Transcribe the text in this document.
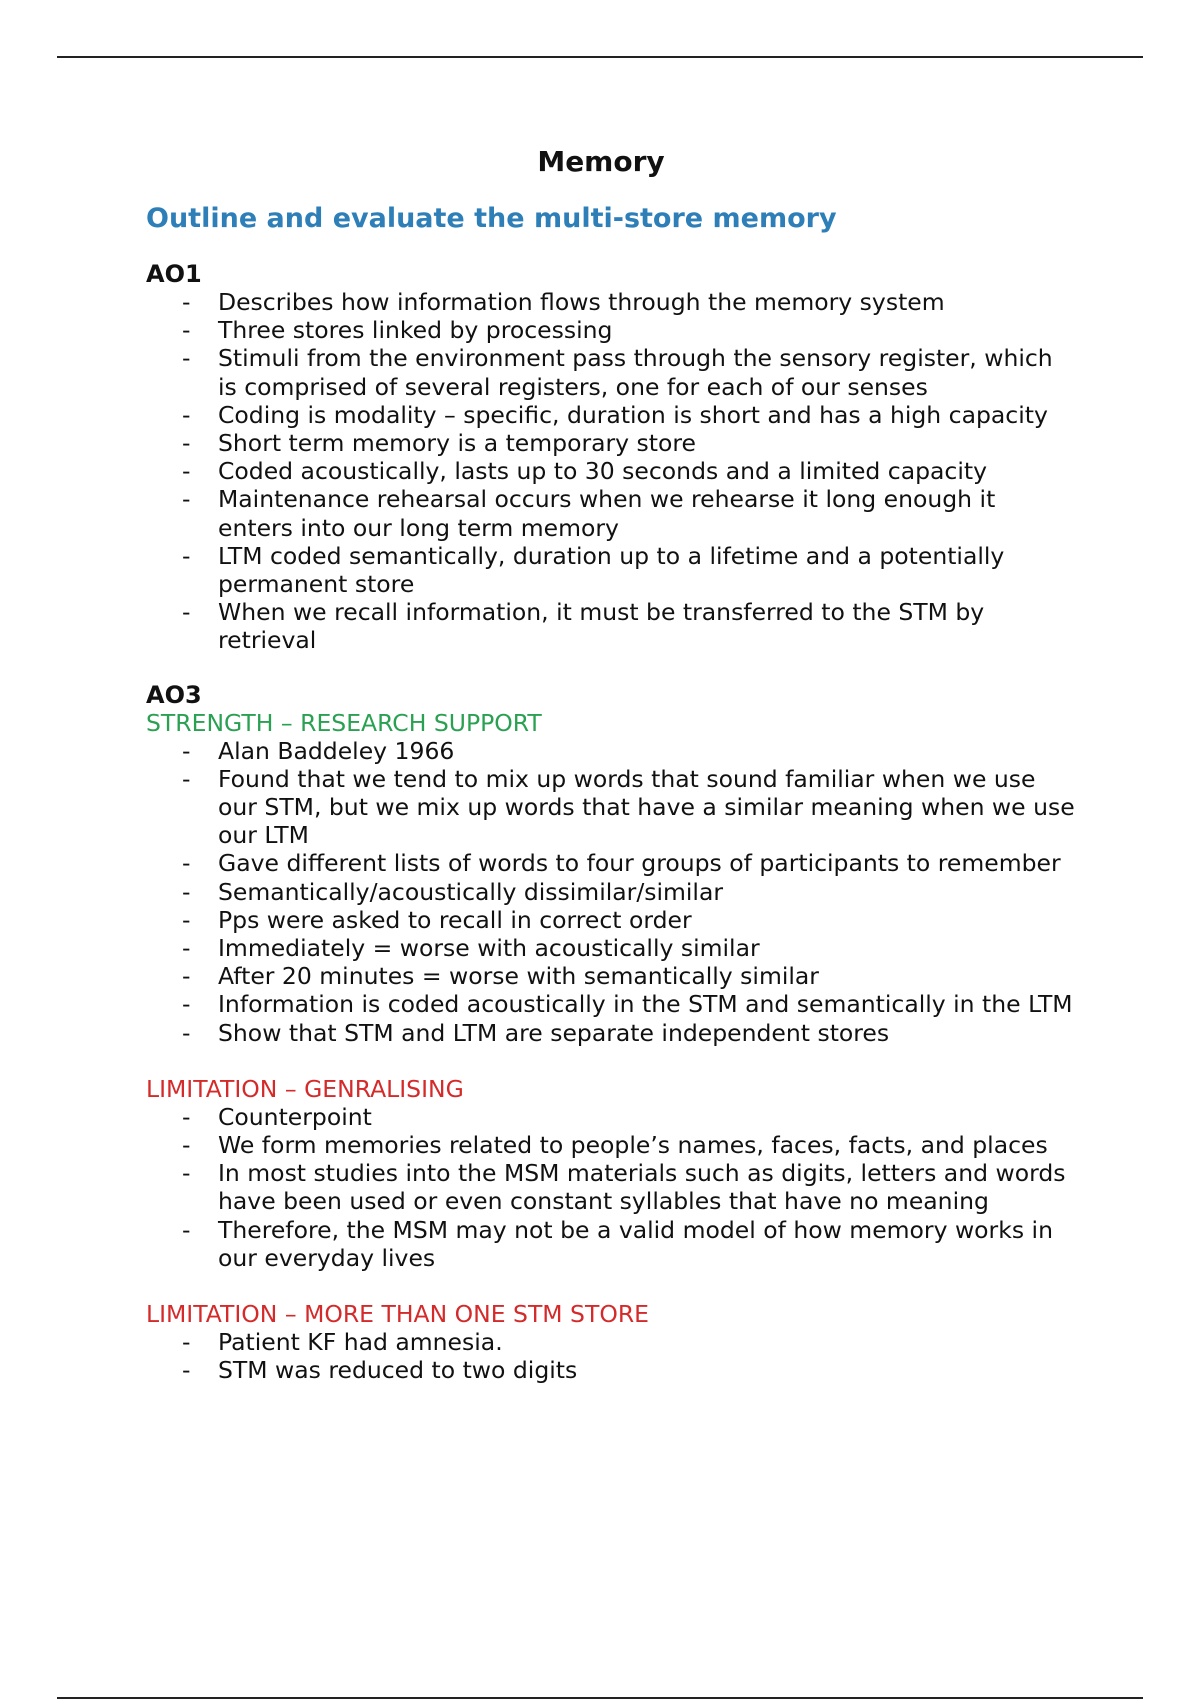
Memory
Outline and evaluate the multi-store memory
AO1
- Describes how information flows through the memory system
- Three stores linked by processing
- Stimuli from the environment pass through the sensory register, which is comprised of several registers, one for each of our senses
- Coding is modality – specific, duration is short and has a high capacity
- Short term memory is a temporary store
- Coded acoustically, lasts up to 30 seconds and a limited capacity
- Maintenance rehearsal occurs when we rehearse it long enough it enters into our long term memory
- LTM coded semantically, duration up to a lifetime and a potentially permanent store
- When we recall information, it must be transferred to the STM by retrieval
AO3
STRENGTH – RESEARCH SUPPORT
- Alan Baddeley 1966
- Found that we tend to mix up words that sound familiar when we use our STM, but we mix up words that have a similar meaning when we use our LTM
- Gave different lists of words to four groups of participants to remember
- Semantically/acoustically dissimilar/similar
- Pps were asked to recall in correct order
- Immediately = worse with acoustically similar
- After 20 minutes = worse with semantically similar
- Information is coded acoustically in the STM and semantically in the LTM
- Show that STM and LTM are separate independent stores
LIMITATION – GENRALISING
- Counterpoint
- We form memories related to people’s names, faces, facts, and places
- In most studies into the MSM materials such as digits, letters and words have been used or even constant syllables that have no meaning
- Therefore, the MSM may not be a valid model of how memory works in our everyday lives
LIMITATION – MORE THAN ONE STM STORE
- Patient KF had amnesia.
- STM was reduced to two digits
